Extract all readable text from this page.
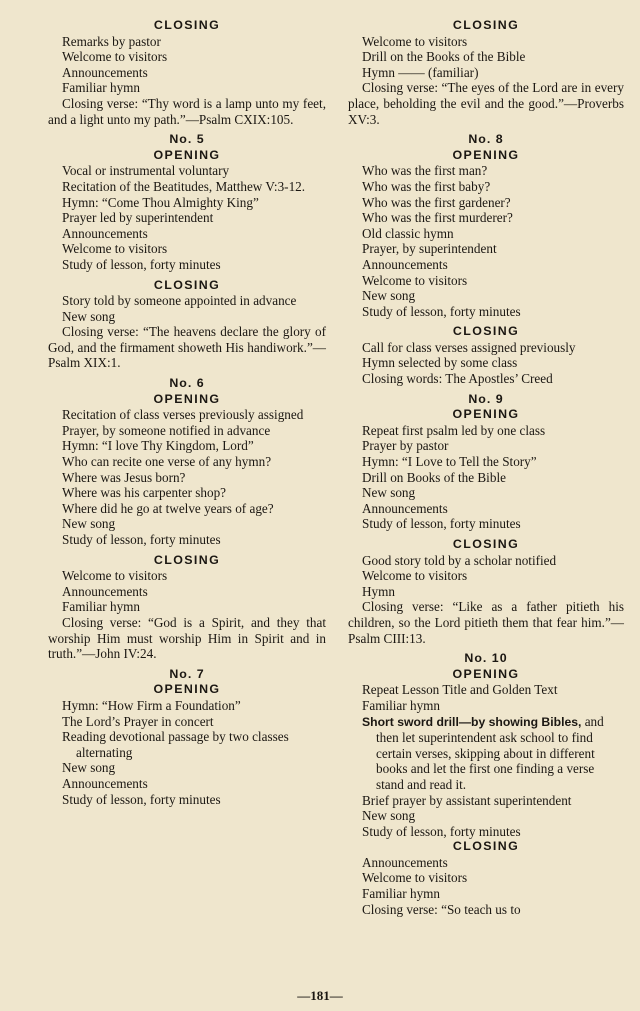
CLOSING
Remarks by pastor
Welcome to visitors
Announcements
Familiar hymn
Closing verse: “Thy word is a lamp unto my feet, and a light unto my path.”—Psalm CXIX:105.
No. 5
OPENING
Vocal or instrumental voluntary
Recitation of the Beatitudes, Matthew V:3-12.
Hymn: “Come Thou Almighty King”
Prayer led by superintendent
Announcements
Welcome to visitors
Study of lesson, forty minutes
CLOSING
Story told by someone appointed in advance
New song
Closing verse: “The heavens declare the glory of God, and the firmament showeth His handiwork.”—Psalm XIX:1.
No. 6
OPENING
Recitation of class verses previously assigned
Prayer, by someone notified in advance
Hymn: “I love Thy Kingdom, Lord”
Who can recite one verse of any hymn?
Where was Jesus born?
Where was his carpenter shop?
Where did he go at twelve years of age?
New song
Study of lesson, forty minutes
CLOSING
Welcome to visitors
Announcements
Familiar hymn
Closing verse: “God is a Spirit, and they that worship Him must worship Him in Spirit and in truth.”—John IV:24.
No. 7
OPENING
Hymn: “How Firm a Foundation”
The Lord’s Prayer in concert
Reading devotional passage by two classes alternating
New song
Announcements
Study of lesson, forty minutes
CLOSING
Welcome to visitors
Drill on the Books of the Bible
Hymn —— (familiar)
Closing verse: “The eyes of the Lord are in every place, beholding the evil and the good.”—Proverbs XV:3.
No. 8
OPENING
Who was the first man?
Who was the first baby?
Who was the first gardener?
Who was the first murderer?
Old classic hymn
Prayer, by superintendent
Announcements
Welcome to visitors
New song
Study of lesson, forty minutes
CLOSING
Call for class verses assigned previously
Hymn selected by some class
Closing words: The Apostles’ Creed
No. 9
OPENING
Repeat first psalm led by one class
Prayer by pastor
Hymn: “I Love to Tell the Story”
Drill on Books of the Bible
New song
Announcements
Study of lesson, forty minutes
CLOSING
Good story told by a scholar notified
Welcome to visitors
Hymn
Closing verse: “Like as a father pitieth his children, so the Lord pitieth them that fear him.”—Psalm CIII:13.
No. 10
OPENING
Repeat Lesson Title and Golden Text
Familiar hymn
Short sword drill—by showing Bibles, and then let superintendent ask school to find certain verses, skipping about in different books and let the first one finding a verse stand and read it.
Brief prayer by assistant superintendent
New song
Study of lesson, forty minutes
CLOSING
Announcements
Welcome to visitors
Familiar hymn
Closing verse: “So teach us to
—181—
